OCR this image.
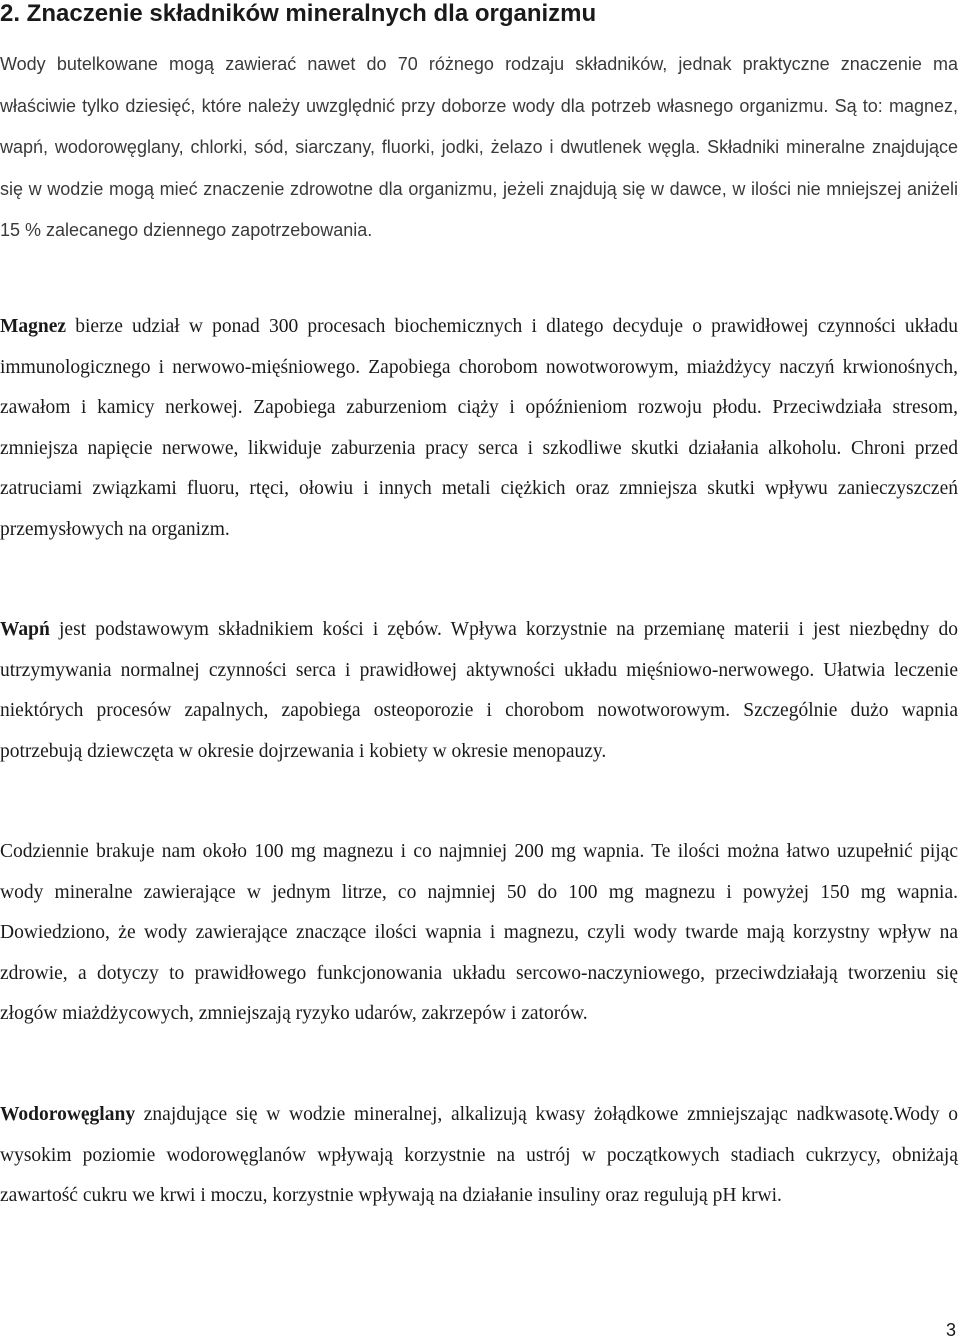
2. Znaczenie składników mineralnych dla organizmu

Wody butelkowane mogą zawierać nawet do 70 różnego rodzaju składników, jednak praktyczne znaczenie ma właściwie tylko dziesięć, które należy uwzględnić przy doborze wody dla potrzeb własnego organizmu. Są to: magnez, wapń, wodorowęglany, chlorki, sód, siarczany, fluorki, jodki, żelazo i dwutlenek węgla. Składniki mineralne znajdujące się w wodzie mogą mieć znaczenie zdrowotne dla organizmu, jeżeli znajdują się w dawce, w ilości nie mniejszej aniżeli 15 % zalecanego dziennego zapotrzebowania.

Magnez bierze udział w ponad 300 procesach biochemicznych i dlatego decyduje o prawidłowej czynności układu immunologicznego i nerwowo-mięśniowego. Zapobiega chorobom nowotworowym, miażdżycy naczyń krwionośnych, zawałom i kamicy nerkowej. Zapobiega zaburzeniom ciąży i opóźnieniom rozwoju płodu. Przeciwdziała stresom, zmniejsza napięcie nerwowe, likwiduje zaburzenia pracy serca i szkodliwe skutki działania alkoholu. Chroni przed zatruciami związkami fluoru, rtęci, ołowiu i innych metali ciężkich oraz zmniejsza skutki wpływu zanieczyszczeń przemysłowych na organizm.

Wapń jest podstawowym składnikiem kości i zębów. Wpływa korzystnie na przemianę materii i jest niezbędny do utrzymywania normalnej czynności serca i prawidłowej aktywności układu mięśniowo-nerwowego. Ułatwia leczenie niektórych procesów zapalnych, zapobiega osteoporozie i chorobom nowotworowym. Szczególnie dużo wapnia potrzebują dziewczęta w okresie dojrzewania i kobiety w okresie menopauzy.

Codziennie brakuje nam około 100 mg magnezu i co najmniej 200 mg wapnia. Te ilości można łatwo uzupełnić pijąc wody mineralne zawierające w jednym litrze, co najmniej 50 do 100 mg magnezu i powyżej 150 mg wapnia. Dowiedziono, że wody zawierające znaczące ilości wapnia i magnezu, czyli wody twarde mają korzystny wpływ na zdrowie, a dotyczy to prawidłowego funkcjonowania układu sercowo-naczyniowego, przeciwdziałają tworzeniu się złogów miażdżycowych, zmniejszają ryzyko udarów, zakrzepów i zatorów.

Wodorowęglany znajdujące się w wodzie mineralnej, alkalizują kwasy żołądkowe zmniejszając nadkwasotę.Wody o wysokim poziomie wodorowęglanów wpływają korzystnie na ustrój w początkowych stadiach cukrzycy, obniżają zawartość cukru we krwi i moczu, korzystnie wpływają na działanie insuliny oraz regulują pH krwi.

3
